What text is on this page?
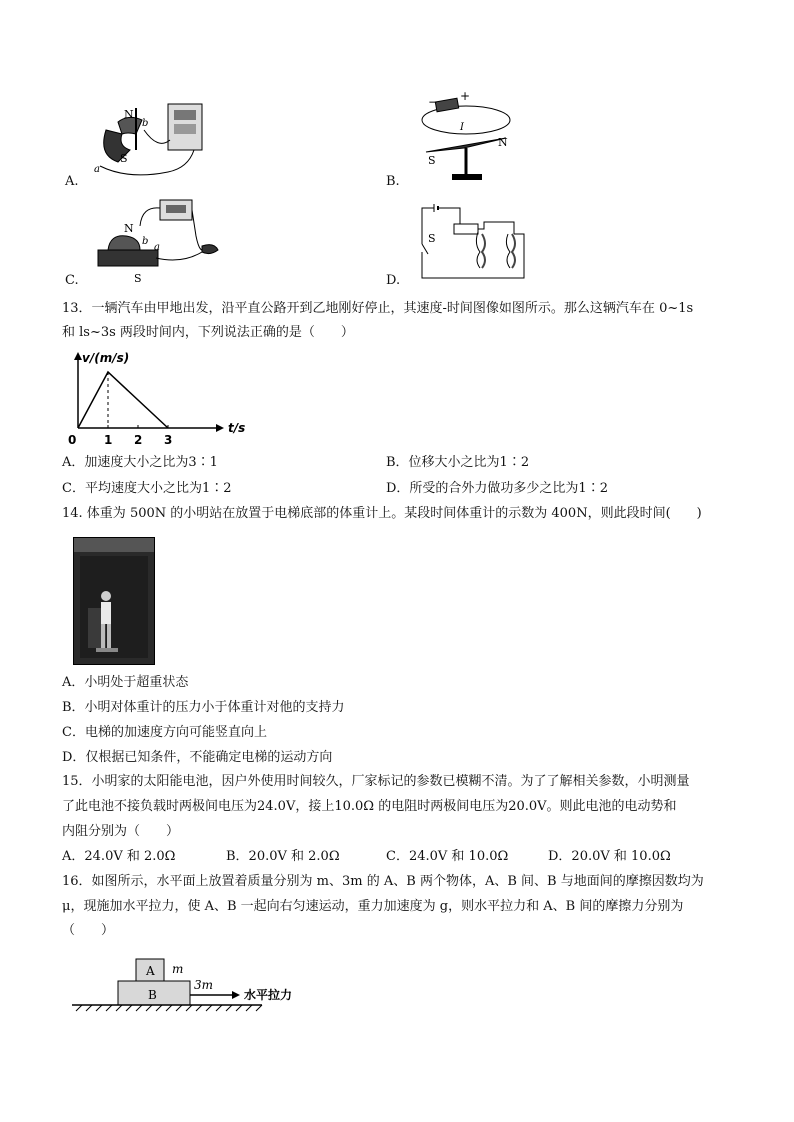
N
S
b
a
A.
− +
I
S
N
B.
N
S
b
a
C.
S
D.
13．一辆汽车由甲地出发，沿平直公路开到乙地刚好停止，其速度-时间图像如图所示。那么这辆汽车在 0~1s
和 ls~3s 两段时间内，下列说法正确的是（　　）
0 1 2 3
v/(m/s)
t/s
A．加速度大小之比为3∶1	B．位移大小之比为1∶2
C．平均速度大小之比为1∶2	D．所受的合外力做功多少之比为1∶2
14. 体重为 500N 的小明站在放置于电梯底部的体重计上。某段时间体重计的示数为 400N，则此段时间(　　)
A．小明处于超重状态
B．小明对体重计的压力小于体重计对他的支持力
C．电梯的加速度方向可能竖直向上
D．仅根据已知条件，不能确定电梯的运动方向
15．小明家的太阳能电池，因户外使用时间较久，厂家标记的参数已模糊不清。为了了解相关参数，小明测量
了此电池不接负载时两极间电压为24.0V，接上10.0Ω 的电阻时两极间电压为20.0V。则此电池的电动势和
内阻分别为（　　）
A．24.0V 和 2.0Ω	B．20.0V 和 2.0Ω	C．24.0V 和 10.0Ω	D．20.0V 和 10.0Ω
16．如图所示，水平面上放置着质量分别为 m、3m 的 A、B 两个物体，A、B 间、B 与地面间的摩擦因数均为
μ，现施加水平拉力，使 A、B 一起向右匀速运动，重力加速度为 g，则水平拉力和 A、B 间的摩擦力分别为
（　　）
A
B
m
3m
水平拉力
